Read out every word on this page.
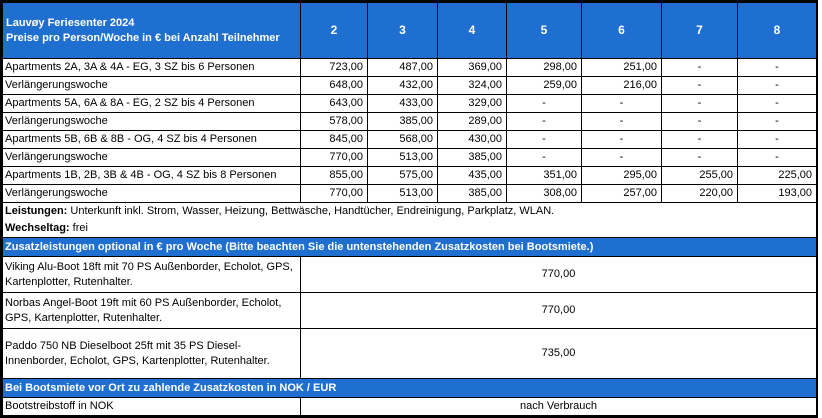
Lauvøy Feriesenter 2024
Preise pro Person/Woche in € bei Anzahl Teilnehmer	2	3	4	5	6	7	8
Apartments 2A, 3A & 4A - EG, 3 SZ bis 6 Personen	723,00	487,00	369,00	298,00	251,00	-	-
Verlängerungswoche	648,00	432,00	324,00	259,00	216,00	-	-
Apartments 5A, 6A & 8A - EG, 2 SZ bis 4 Personen	643,00	433,00	329,00	-	-	-	-
Verlängerungswoche	578,00	385,00	289,00	-	-	-	-
Apartments 5B, 6B & 8B - OG, 4 SZ bis 4 Personen	845,00	568,00	430,00	-	-	-	-
Verlängerungswoche	770,00	513,00	385,00	-	-	-	-
Apartments 1B, 2B, 3B & 4B - OG, 4 SZ bis 8 Personen	855,00	575,00	435,00	351,00	295,00	255,00	225,00
Verlängerungswoche	770,00	513,00	385,00	308,00	257,00	220,00	193,00
Leistungen: Unterkunft inkl. Strom, Wasser, Heizung, Bettwäsche, Handtücher, Endreinigung, Parkplatz, WLAN.							
Wechseltag: frei							
Zusatzleistungen optional in € pro Woche (Bitte beachten Sie die untenstehenden Zusatzkosten bei Bootsmiete.)							
Viking Alu-Boot 18ft mit 70 PS Außenborder, Echolot, GPS, Kartenplotter, Rutenhalter.	770,00						
Norbas Angel-Boot 19ft mit 60 PS Außenborder, Echolot, GPS, Kartenplotter, Rutenhalter.	770,00						
Paddo 750 NB Dieselboot 25ft mit 35 PS Diesel-Innenborder, Echolot, GPS, Kartenplotter, Rutenhalter.	735,00						
Bei Bootsmiete vor Ort zu zahlende Zusatzkosten in NOK / EUR							
Bootstreibstoff in NOK	nach Verbrauch						
